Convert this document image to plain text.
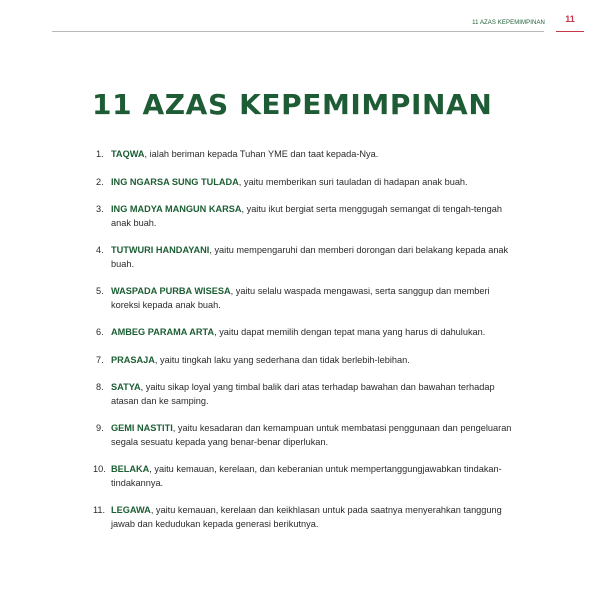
11 AZAS KEPEMIMPINAN	11
11 AZAS KEPEMIMPINAN
1. TAQWA, ialah beriman kepada Tuhan YME dan taat kepada-Nya.
2. ING NGARSA SUNG TULADA, yaitu memberikan suri tauladan di hadapan anak buah.
3. ING MADYA MANGUN KARSA, yaitu ikut bergiat serta menggugah semangat di tengah-tengah anak buah.
4. TUTWURI HANDAYANI, yaitu mempengaruhi dan memberi dorongan dari belakang kepada anak buah.
5. WASPADA PURBA WISESA, yaitu selalu waspada mengawasi, serta sanggup dan memberi koreksi kepada anak buah.
6. AMBEG PARAMA ARTA, yaitu dapat memilih dengan tepat mana yang harus di dahulukan.
7. PRASAJA, yaitu tingkah laku yang sederhana dan tidak berlebih-lebihan.
8. SATYA, yaitu sikap loyal yang timbal balik dari atas terhadap bawahan dan bawahan terhadap atasan dan ke samping.
9. GEMI NASTITI, yaitu kesadaran dan kemampuan untuk membatasi penggunaan dan pengeluaran segala sesuatu kepada yang benar-benar diperlukan.
10. BELAKA, yaitu kemauan, kerelaan, dan keberanian untuk mempertanggungjawabkan tindakan-tindakannya.
11. LEGAWA, yaitu kemauan, kerelaan dan keikhlasan untuk pada saatnya menyerahkan tanggung jawab dan kedudukan kepada generasi berikutnya.
